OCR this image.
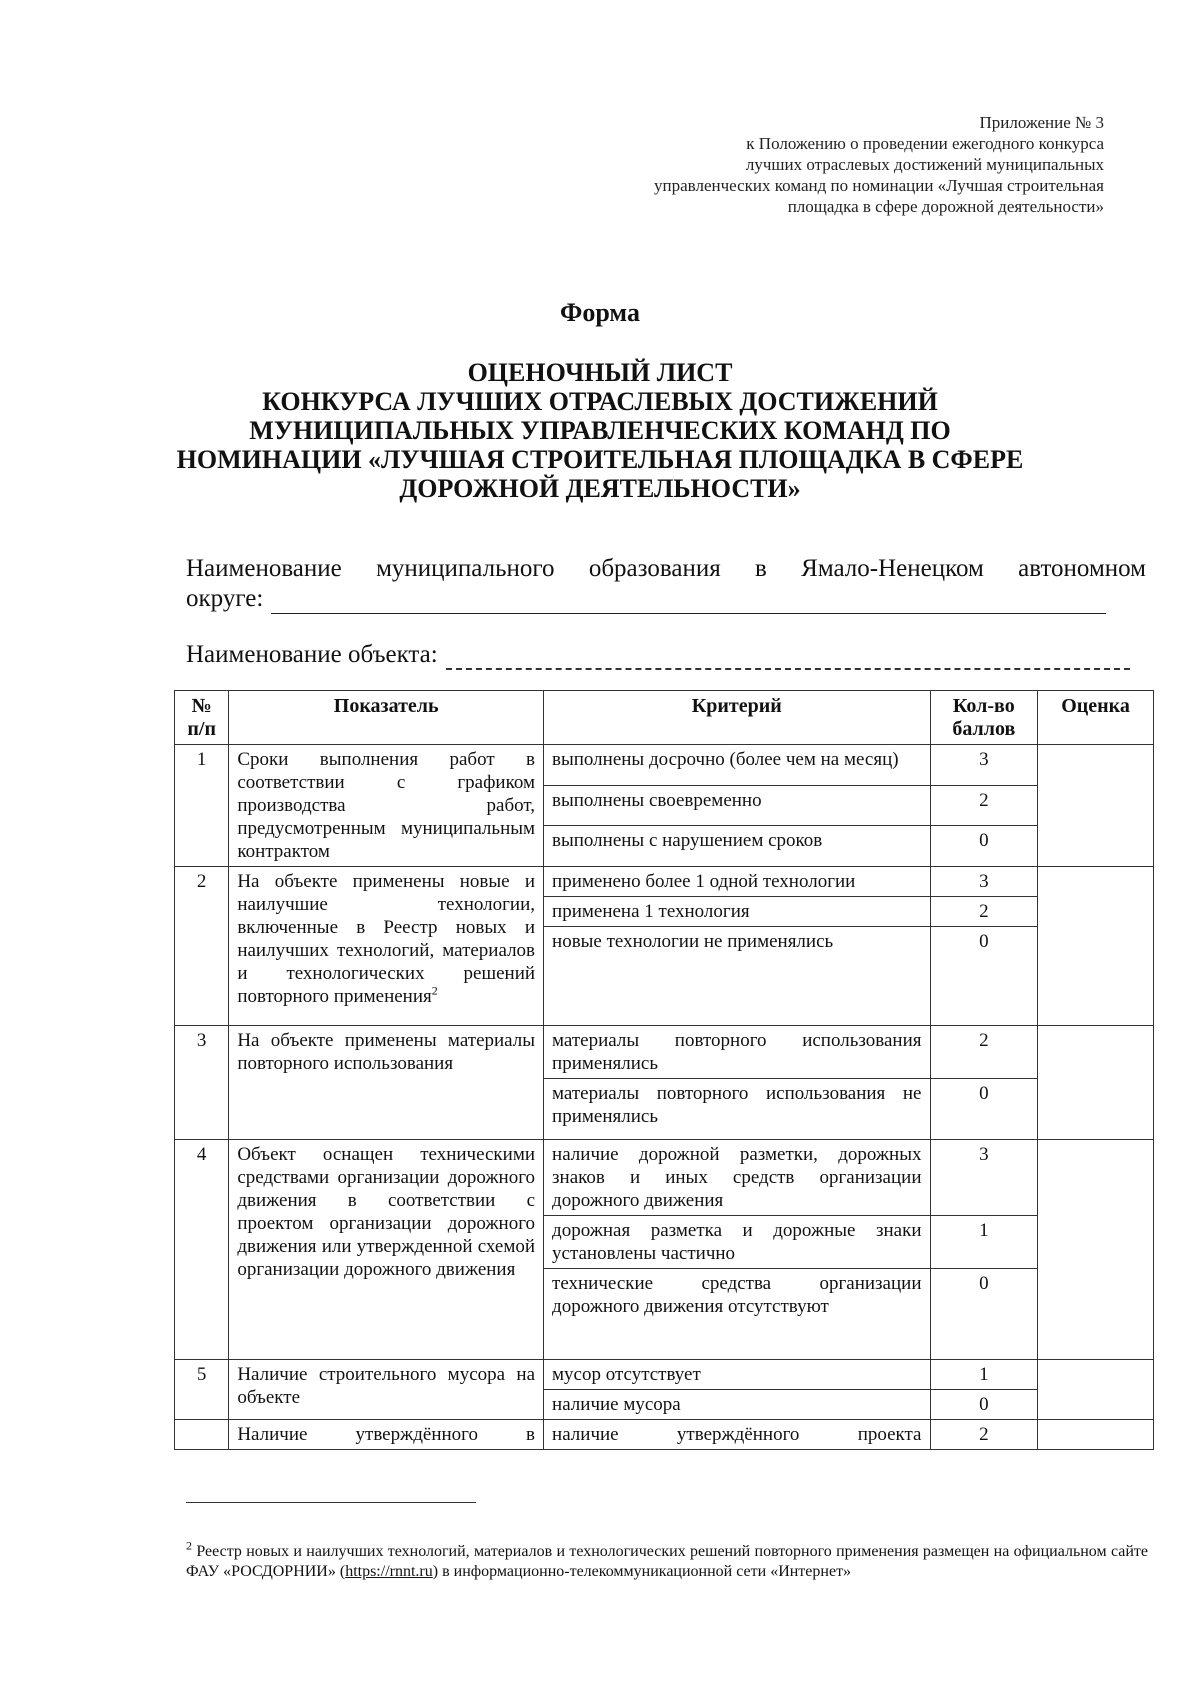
Приложение № 3
к Положению о проведении ежегодного конкурса
лучших отраслевых достижений муниципальных
управленческих команд по номинации «Лучшая строительная
площадка в сфере дорожной деятельности»
Форма
ОЦЕНОЧНЫЙ ЛИСТ
КОНКУРСА ЛУЧШИХ ОТРАСЛЕВЫХ ДОСТИЖЕНИЙ
МУНИЦИПАЛЬНЫХ УПРАВЛЕНЧЕСКИХ КОМАНД ПО
НОМИНАЦИИ «ЛУЧШАЯ СТРОИТЕЛЬНАЯ ПЛОЩАДКА В СФЕРЕ
ДОРОЖНОЙ ДЕЯТЕЛЬНОСТИ»
Наименование муниципального образования в Ямало-Ненецком автономном
округе:
Наименование объекта:
№ п/п	Показатель	Критерий	Кол-во баллов	Оценка
1	Сроки выполнения работ в соответствии с графиком производства работ, предусмотренным муниципальным контрактом	выполнены досрочно (более чем на месяц)	3	
		выполнены своевременно	2	
		выполнены с нарушением сроков	0	
2	На объекте применены новые и наилучшие технологии, включенные в Реестр новых и наилучших технологий, материалов и технологических решений повторного применения$^2$	применено более 1 одной технологии	3	
		применена 1 технология	2	
		новые технологии не применялись	0	
3	На объекте применены материалы повторного использования	материалы повторного использования применялись	2	
		материалы повторного использования не применялись	0	
4	Объект оснащен техническими средствами организации дорожного движения в соответствии с проектом организации дорожного движения или утвержденной схемой организации дорожного движения	наличие дорожной разметки, дорожных знаков и иных средств организации дорожного движения	3	
		дорожная разметка и дорожные знаки установлены частично	1	
		технические средства организации дорожного движения отсутствуют	0	
5	Наличие строительного мусора на объекте	мусор отсутствует	1	
		наличие мусора	0	
	Наличие утверждённого в	наличие утверждённого проекта	2	
$^2$ Реестр новых и наилучших технологий, материалов и технологических решений повторного применения размещен на официальном сайте ФАУ «РОСДОРНИИ» (https://rnnt.ru) в информационно-телекоммуникационной сети «Интернет»
